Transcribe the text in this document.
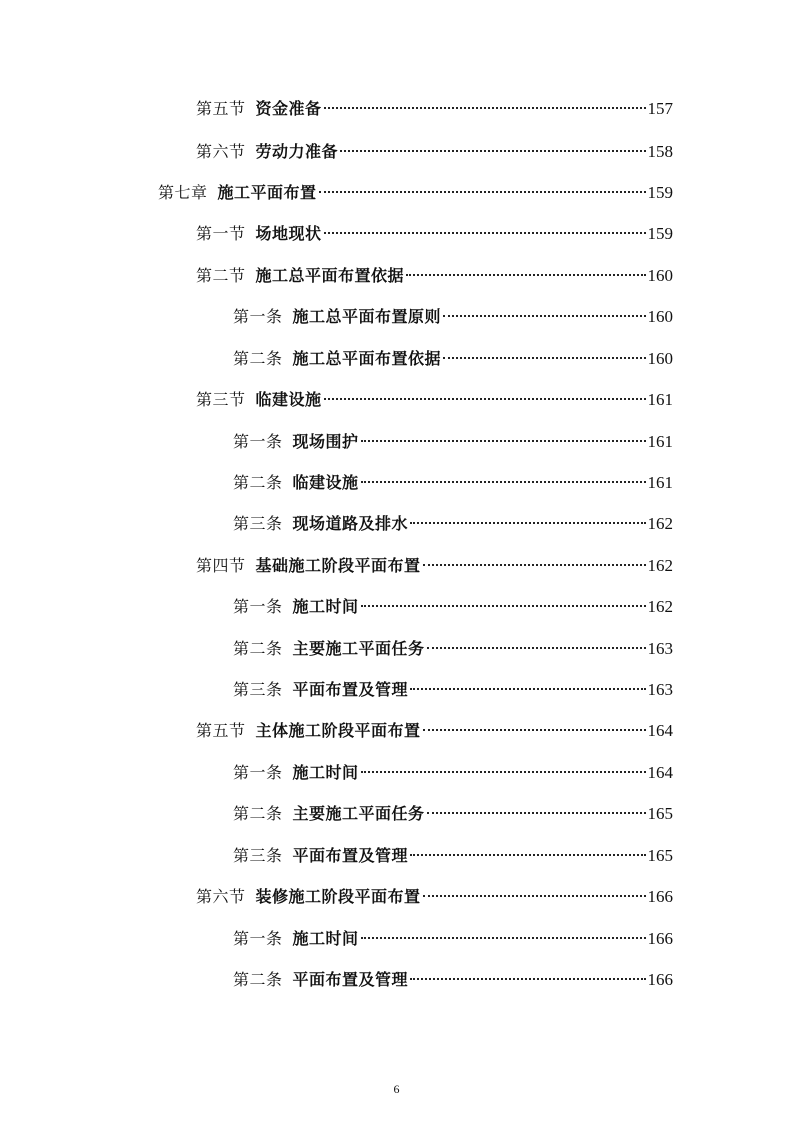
第五节 资金准备	157
第六节 劳动力准备	158
第七章 施工平面布置	159
第一节 场地现状	159
第二节 施工总平面布置依据	160
第一条 施工总平面布置原则	160
第二条 施工总平面布置依据	160
第三节 临建设施	161
第一条 现场围护	161
第二条 临建设施	161
第三条 现场道路及排水	162
第四节 基础施工阶段平面布置	162
第一条 施工时间	162
第二条 主要施工平面任务	163
第三条 平面布置及管理	163
第五节 主体施工阶段平面布置	164
第一条 施工时间	164
第二条 主要施工平面任务	165
第三条 平面布置及管理	165
第六节 装修施工阶段平面布置	166
第一条 施工时间	166
第二条 平面布置及管理	166
6
